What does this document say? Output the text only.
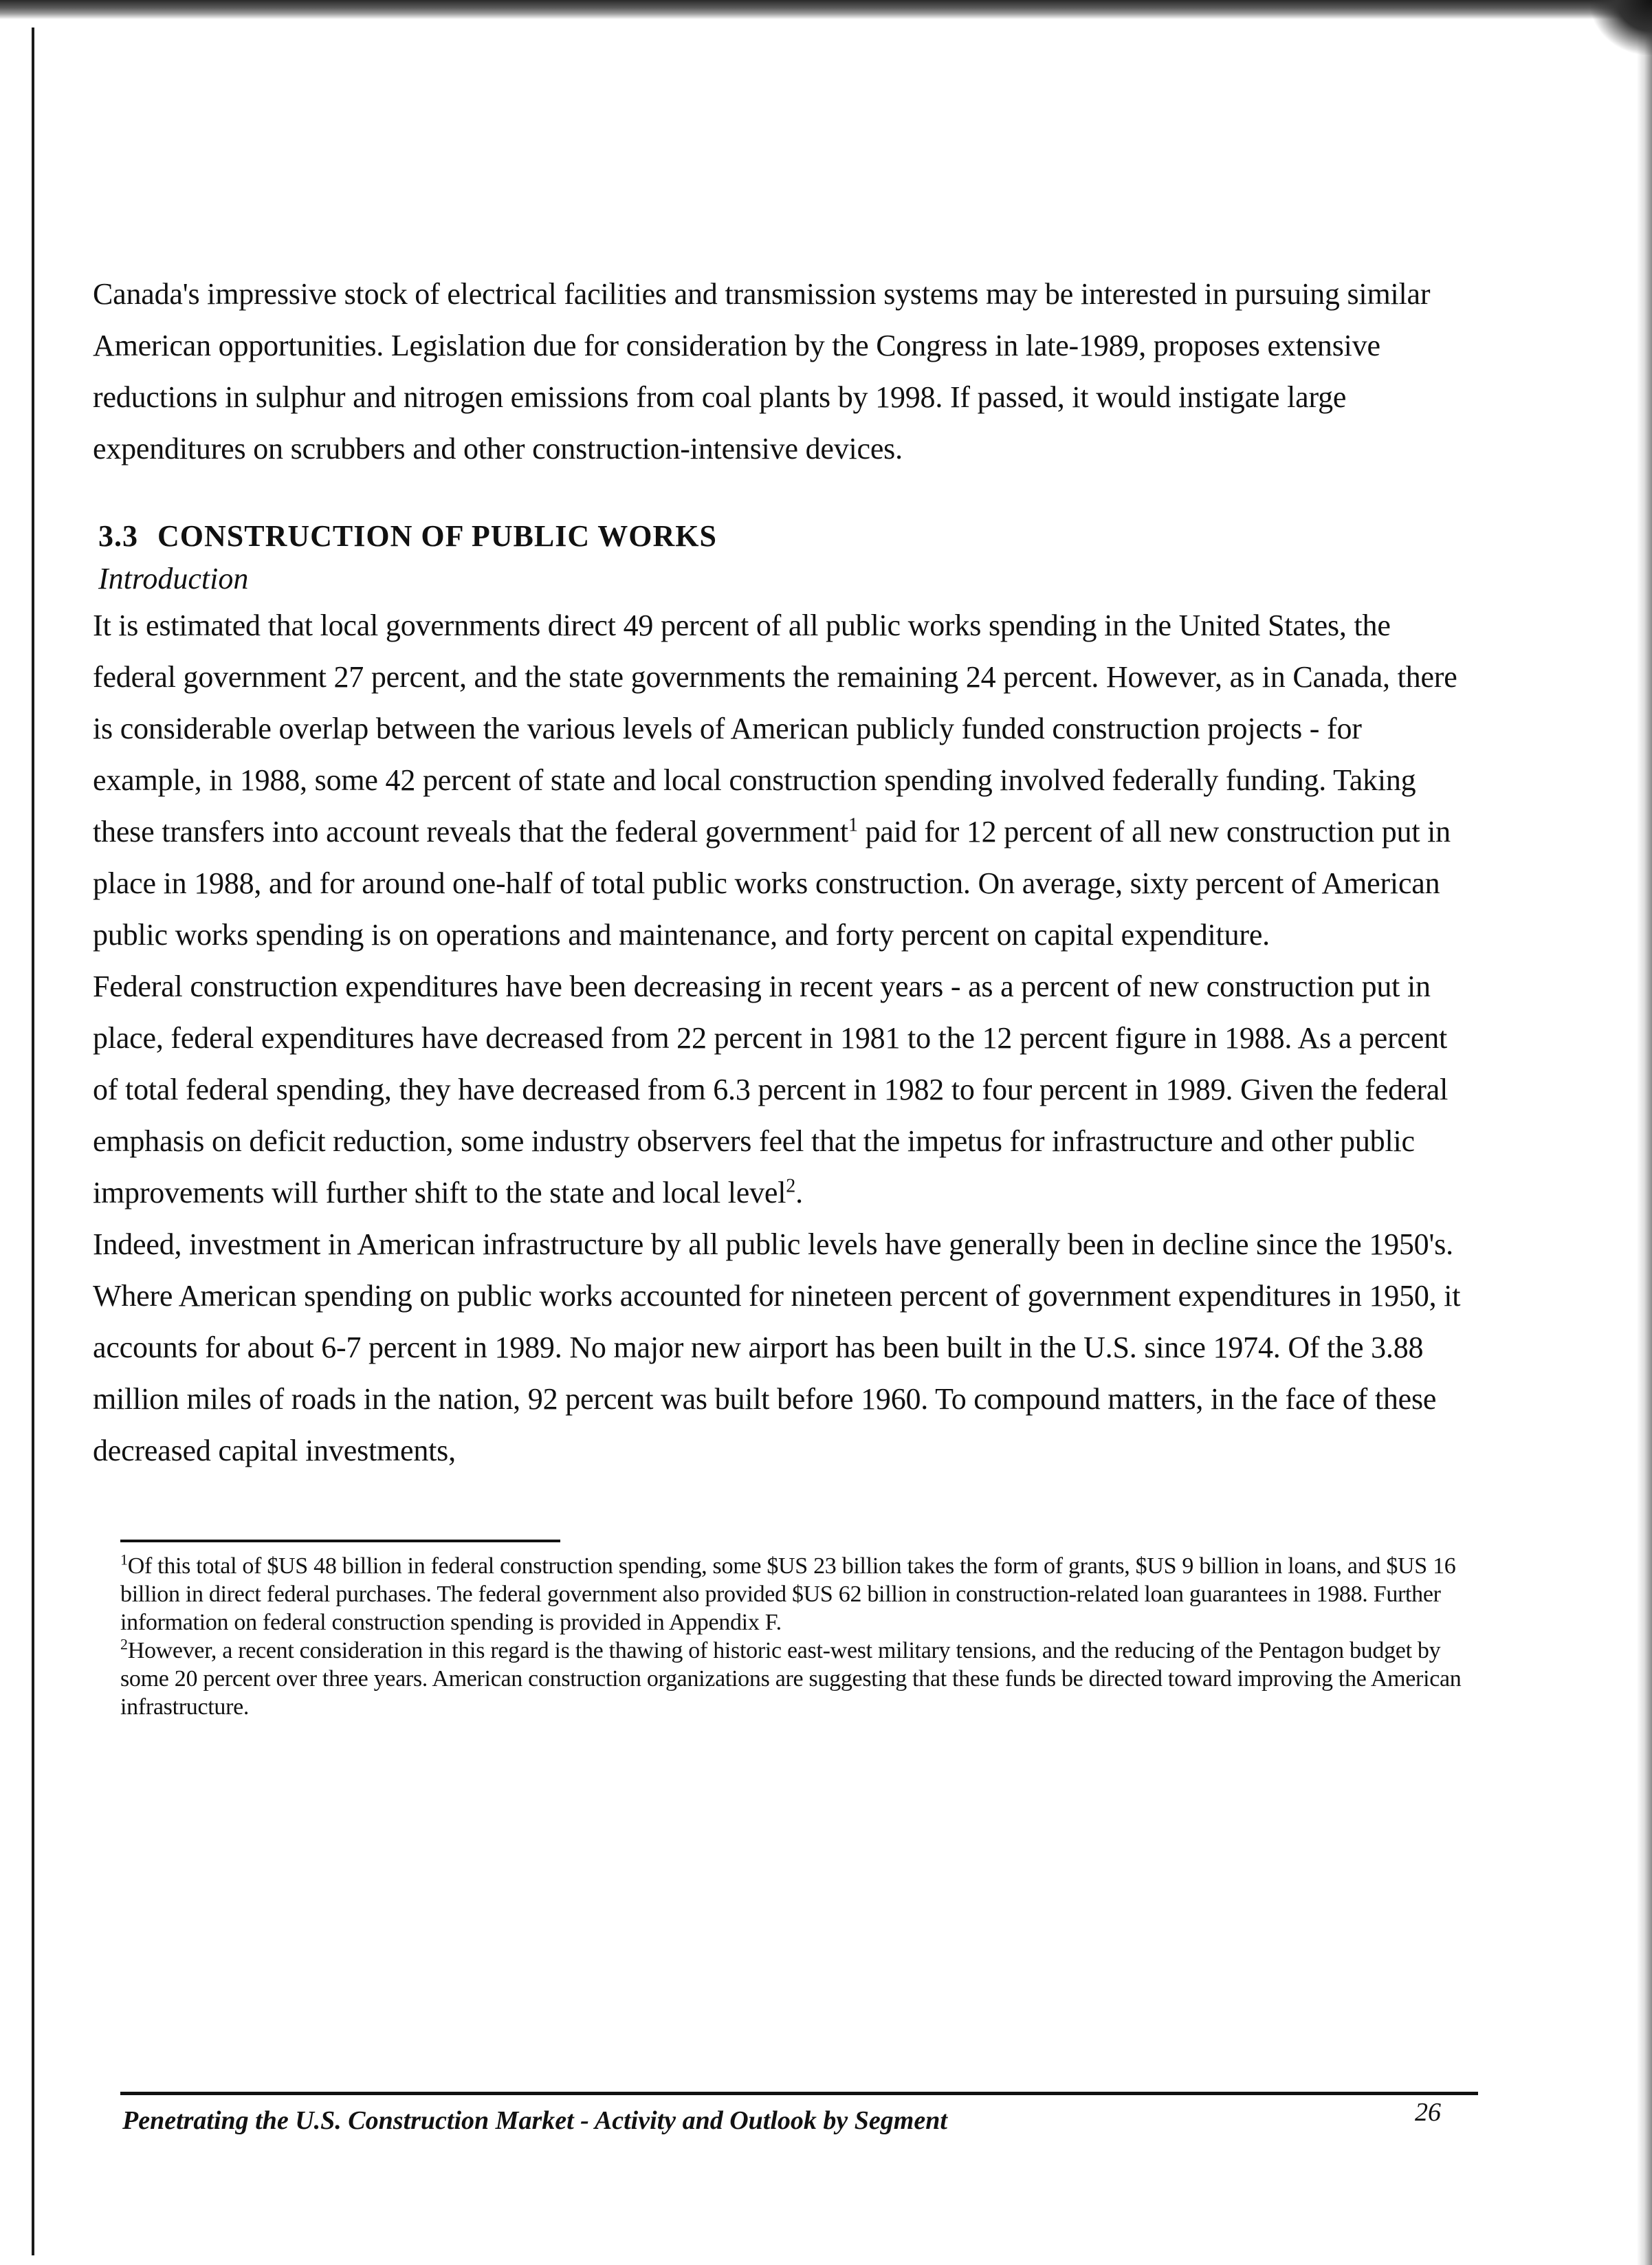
Canada's impressive stock of electrical facilities and transmission systems may be interested in pursuing similar American opportunities. Legislation due for consideration by the Congress in late-1989, proposes extensive reductions in sulphur and nitrogen emissions from coal plants by 1998. If passed, it would instigate large expenditures on scrubbers and other construction-intensive devices.

3.3 CONSTRUCTION OF PUBLIC WORKS
Introduction

It is estimated that local governments direct 49 percent of all public works spending in the United States, the federal government 27 percent, and the state governments the remaining 24 percent. However, as in Canada, there is considerable overlap between the various levels of American publicly funded construction projects - for example, in 1988, some 42 percent of state and local construction spending involved federally funding. Taking these transfers into account reveals that the federal government$^1$ paid for 12 percent of all new construction put in place in 1988, and for around one-half of total public works construction. On average, sixty percent of American public works spending is on operations and maintenance, and forty percent on capital expenditure.

Federal construction expenditures have been decreasing in recent years - as a percent of new construction put in place, federal expenditures have decreased from 22 percent in 1981 to the 12 percent figure in 1988. As a percent of total federal spending, they have decreased from 6.3 percent in 1982 to four percent in 1989. Given the federal emphasis on deficit reduction, some industry observers feel that the impetus for infrastructure and other public improvements will further shift to the state and local level$^2$.

Indeed, investment in American infrastructure by all public levels have generally been in decline since the 1950's. Where American spending on public works accounted for nineteen percent of government expenditures in 1950, it accounts for about 6-7 percent in 1989. No major new airport has been built in the U.S. since 1974. Of the 3.88 million miles of roads in the nation, 92 percent was built before 1960. To compound matters, in the face of these decreased capital investments,

$^1$Of this total of $US 48 billion in federal construction spending, some $US 23 billion takes the form of grants, $US 9 billion in loans, and $US 16 billion in direct federal purchases. The federal government also provided $US 62 billion in construction-related loan guarantees in 1988. Further information on federal construction spending is provided in Appendix F.

$^2$However, a recent consideration in this regard is the thawing of historic east-west military tensions, and the reducing of the Pentagon budget by some 20 percent over three years. American construction organizations are suggesting that these funds be directed toward improving the American infrastructure.

Penetrating the U.S. Construction Market - Activity and Outlook by Segment	26
